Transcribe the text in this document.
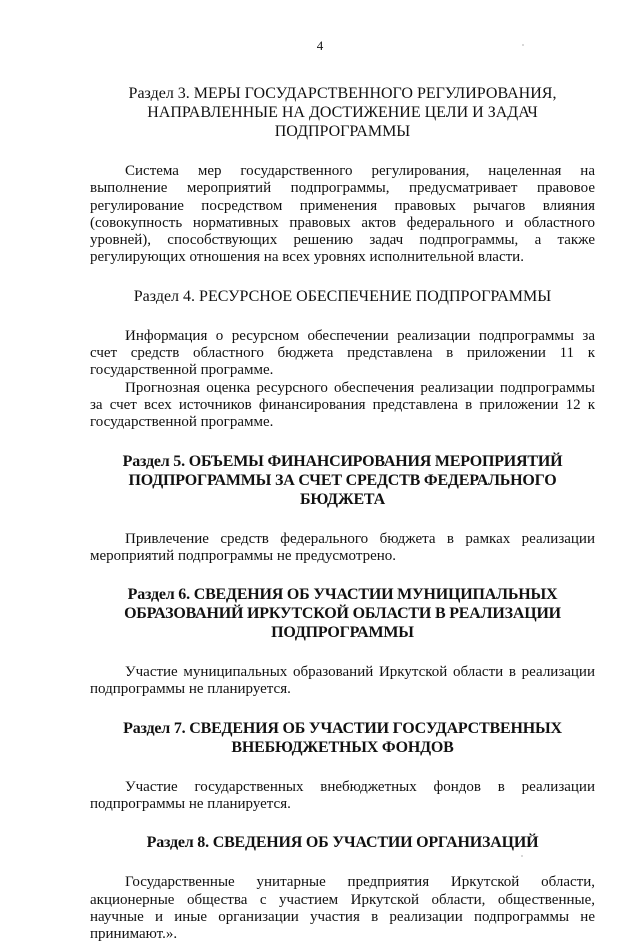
4

Раздел 3. МЕРЫ ГОСУДАРСТВЕННОГО РЕГУЛИРОВАНИЯ, НАПРАВЛЕННЫЕ НА ДОСТИЖЕНИЕ ЦЕЛИ И ЗАДАЧ ПОДПРОГРАММЫ

Система мер государственного регулирования, нацеленная на выполнение мероприятий подпрограммы, предусматривает правовое регулирование посредством применения правовых рычагов влияния (совокупность нормативных правовых актов федерального и областного уровней), способствующих решению задач подпрограммы, а также регулирующих отношения на всех уровнях исполнительной власти.

Раздел 4. РЕСУРСНОЕ ОБЕСПЕЧЕНИЕ ПОДПРОГРАММЫ

Информация о ресурсном обеспечении реализации подпрограммы за счет средств областного бюджета представлена в приложении 11 к государственной программе.

Прогнозная оценка ресурсного обеспечения реализации подпрограммы за счет всех источников финансирования представлена в приложении 12 к государственной программе.

Раздел 5. ОБЪЕМЫ ФИНАНСИРОВАНИЯ МЕРОПРИЯТИЙ ПОДПРОГРАММЫ ЗА СЧЕТ СРЕДСТВ ФЕДЕРАЛЬНОГО БЮДЖЕТА

Привлечение средств федерального бюджета в рамках реализации мероприятий подпрограммы не предусмотрено.

Раздел 6. СВЕДЕНИЯ ОБ УЧАСТИИ МУНИЦИПАЛЬНЫХ ОБРАЗОВАНИЙ ИРКУТСКОЙ ОБЛАСТИ В РЕАЛИЗАЦИИ ПОДПРОГРАММЫ

Участие муниципальных образований Иркутской области в реализации подпрограммы не планируется.

Раздел 7. СВЕДЕНИЯ ОБ УЧАСТИИ ГОСУДАРСТВЕННЫХ ВНЕБЮДЖЕТНЫХ ФОНДОВ

Участие государственных внебюджетных фондов в реализации подпрограммы не планируется.

Раздел 8. СВЕДЕНИЯ ОБ УЧАСТИИ ОРГАНИЗАЦИЙ

Государственные унитарные предприятия Иркутской области, акционерные общества с участием Иркутской области, общественные, научные и иные организации участия в реализации подпрограммы не принимают.».
